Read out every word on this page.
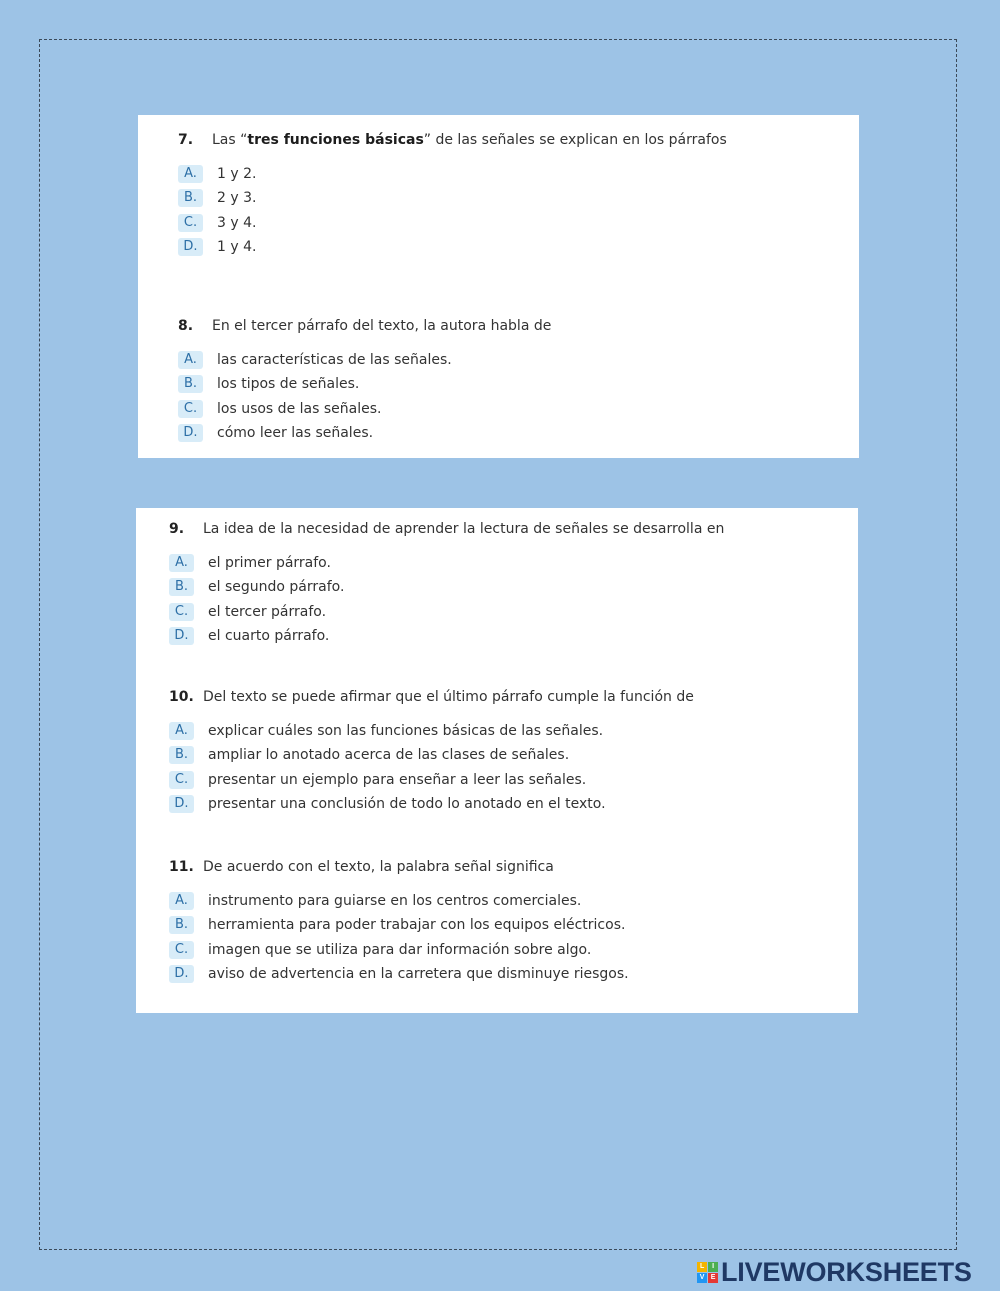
7.	Las “tres funciones básicas” de las señales se explican en los párrafos
A.	1 y 2.
B.	2 y 3.
C.	3 y 4.
D.	1 y 4.
8.	En el tercer párrafo del texto, la autora habla de
A.	las características de las señales.
B.	los tipos de señales.
C.	los usos de las señales.
D.	cómo leer las señales.
9.	La idea de la necesidad de aprender la lectura de señales se desarrolla en
A.	el primer párrafo.
B.	el segundo párrafo.
C.	el tercer párrafo.
D.	el cuarto párrafo.
10. Del texto se puede afirmar que el último párrafo cumple la función de
A.	explicar cuáles son las funciones básicas de las señales.
B.	ampliar lo anotado acerca de las clases de señales.
C.	presentar un ejemplo para enseñar a leer las señales.
D.	presentar una conclusión de todo lo anotado en el texto.
11. De acuerdo con el texto, la palabra señal significa
A.	instrumento para guiarse en los centros comerciales.
B.	herramienta para poder trabajar con los equipos eléctricos.
C.	imagen que se utiliza para dar información sobre algo.
D.	aviso de advertencia en la carretera que disminuye riesgos.
L	I
V E LIVEWORKSHEETS
